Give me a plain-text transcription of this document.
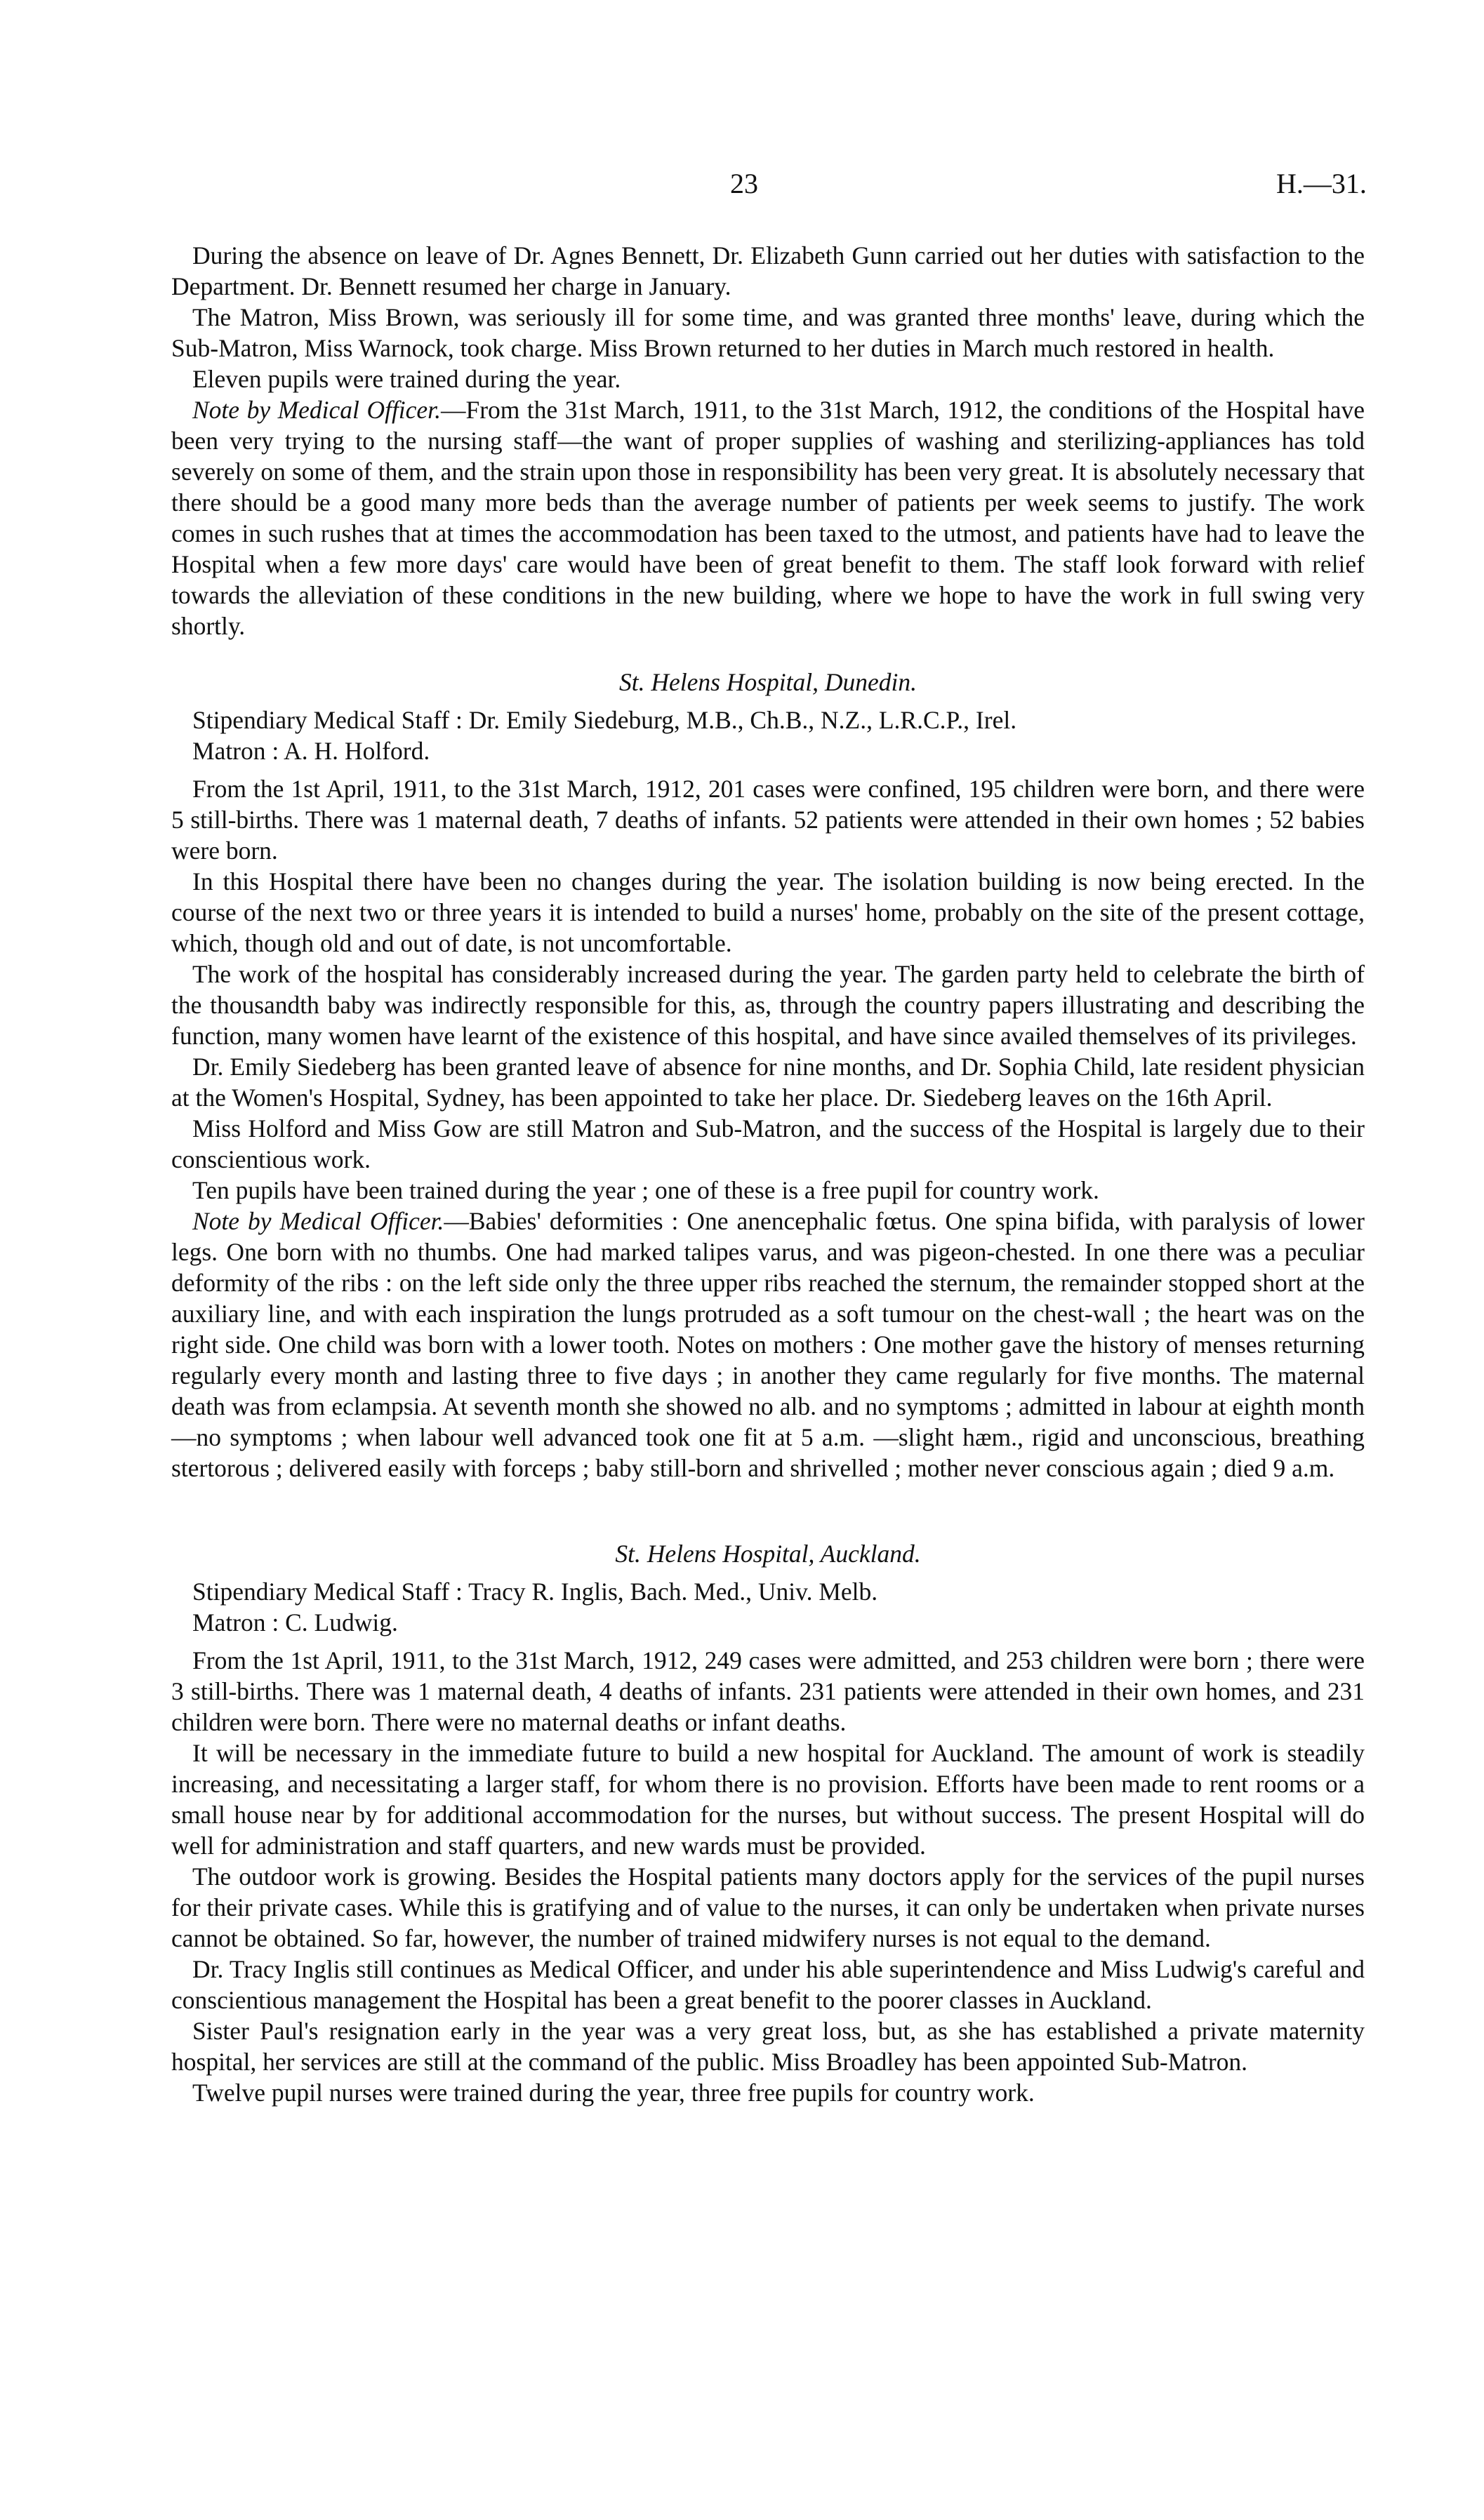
23	H.—31.

During the absence on leave of Dr. Agnes Bennett, Dr. Elizabeth Gunn carried out her duties with satisfaction to the Department. Dr. Bennett resumed her charge in January.

The Matron, Miss Brown, was seriously ill for some time, and was granted three months' leave, during which the Sub-Matron, Miss Warnock, took charge. Miss Brown returned to her duties in March much restored in health.

Eleven pupils were trained during the year.

Note by Medical Officer.—From the 31st March, 1911, to the 31st March, 1912, the conditions of the Hospital have been very trying to the nursing staff—the want of proper supplies of washing and sterilizing-appliances has told severely on some of them, and the strain upon those in responsibility has been very great. It is absolutely necessary that there should be a good many more beds than the average number of patients per week seems to justify. The work comes in such rushes that at times the accommodation has been taxed to the utmost, and patients have had to leave the Hospital when a few more days' care would have been of great benefit to them. The staff look forward with relief towards the alleviation of these conditions in the new building, where we hope to have the work in full swing very shortly.

St. Helens Hospital, Dunedin.

Stipendiary Medical Staff : Dr. Emily Siedeburg, M.B., Ch.B., N.Z., L.R.C.P., Irel.

Matron : A. H. Holford.

From the 1st April, 1911, to the 31st March, 1912, 201 cases were confined, 195 children were born, and there were 5 still-births. There was 1 maternal death, 7 deaths of infants. 52 patients were attended in their own homes ; 52 babies were born.

In this Hospital there have been no changes during the year. The isolation building is now being erected. In the course of the next two or three years it is intended to build a nurses' home, probably on the site of the present cottage, which, though old and out of date, is not uncomfortable.

The work of the hospital has considerably increased during the year. The garden party held to celebrate the birth of the thousandth baby was indirectly responsible for this, as, through the country papers illustrating and describing the function, many women have learnt of the existence of this hospital, and have since availed themselves of its privileges.

Dr. Emily Siedeberg has been granted leave of absence for nine months, and Dr. Sophia Child, late resident physician at the Women's Hospital, Sydney, has been appointed to take her place. Dr. Siedeberg leaves on the 16th April.

Miss Holford and Miss Gow are still Matron and Sub-Matron, and the success of the Hospital is largely due to their conscientious work.

Ten pupils have been trained during the year ; one of these is a free pupil for country work.

Note by Medical Officer.—Babies' deformities : One anencephalic fœtus. One spina bifida, with paralysis of lower legs. One born with no thumbs. One had marked talipes varus, and was pigeon-chested. In one there was a peculiar deformity of the ribs : on the left side only the three upper ribs reached the sternum, the remainder stopped short at the auxiliary line, and with each inspiration the lungs protruded as a soft tumour on the chest-wall ; the heart was on the right side. One child was born with a lower tooth. Notes on mothers : One mother gave the history of menses returning regularly every month and lasting three to five days ; in another they came regularly for five months. The maternal death was from eclampsia. At seventh month she showed no alb. and no symptoms ; admitted in labour at eighth month—no symptoms ; when labour well advanced took one fit at 5 a.m. —slight hæm., rigid and unconscious, breathing stertorous ; delivered easily with forceps ; baby still-born and shrivelled ; mother never conscious again ; died 9 a.m.

St. Helens Hospital, Auckland.

Stipendiary Medical Staff : Tracy R. Inglis, Bach. Med., Univ. Melb.

Matron : C. Ludwig.

From the 1st April, 1911, to the 31st March, 1912, 249 cases were admitted, and 253 children were born ; there were 3 still-births. There was 1 maternal death, 4 deaths of infants. 231 patients were attended in their own homes, and 231 children were born. There were no maternal deaths or infant deaths.

It will be necessary in the immediate future to build a new hospital for Auckland. The amount of work is steadily increasing, and necessitating a larger staff, for whom there is no provision. Efforts have been made to rent rooms or a small house near by for additional accommodation for the nurses, but without success. The present Hospital will do well for administration and staff quarters, and new wards must be provided.

The outdoor work is growing. Besides the Hospital patients many doctors apply for the services of the pupil nurses for their private cases. While this is gratifying and of value to the nurses, it can only be undertaken when private nurses cannot be obtained. So far, however, the number of trained midwifery nurses is not equal to the demand.

Dr. Tracy Inglis still continues as Medical Officer, and under his able superintendence and Miss Ludwig's careful and conscientious management the Hospital has been a great benefit to the poorer classes in Auckland.

Sister Paul's resignation early in the year was a very great loss, but, as she has established a private maternity hospital, her services are still at the command of the public. Miss Broadley has been appointed Sub-Matron.

Twelve pupil nurses were trained during the year, three free pupils for country work.
